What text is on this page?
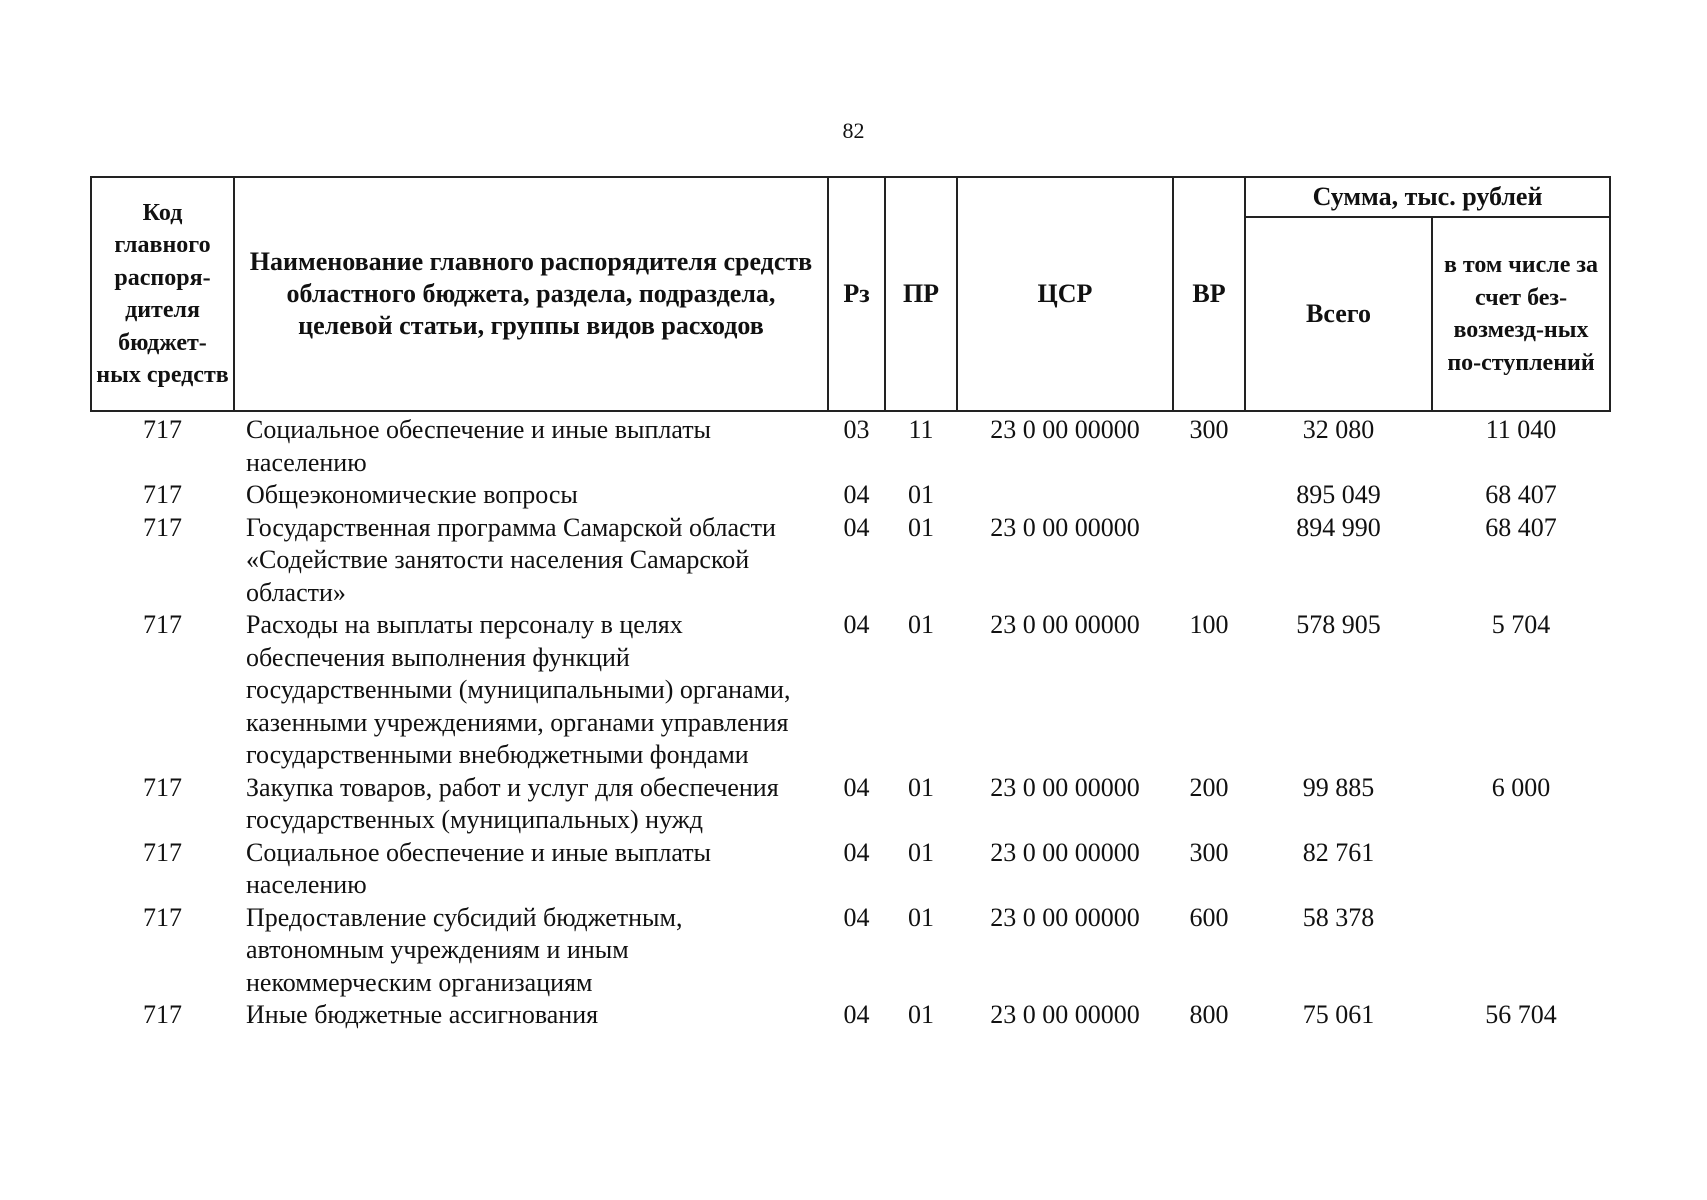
82
Код главного распоря-дителя бюджет-ных средств	Наименование главного распорядителя средств областного бюджета, раздела, подраздела, целевой статьи, группы видов расходов	Рз	ПР	ЦСР	ВР	Сумма, тыс. рублей	
						Всего	в том числе за счет без-возмезд-ных по-ступлений
717	Социальное обеспечение и иные выплаты населению	03	11	23 0 00 00000	300	32 080	11 040
717	Общеэкономические вопросы	04	01			895 049	68 407
717	Государственная программа Самарской области «Содействие занятости населения Самарской области»	04	01	23 0 00 00000		894 990	68 407
717	Расходы на выплаты персоналу в целях обеспечения выполнения функций государственными (муниципальными) органами, казенными учреждениями, органами управления государственными внебюджетными фондами	04	01	23 0 00 00000	100	578 905	5 704
717	Закупка товаров, работ и услуг для обеспечения государственных (муниципальных) нужд	04	01	23 0 00 00000	200	99 885	6 000
717	Социальное обеспечение и иные выплаты населению	04	01	23 0 00 00000	300	82 761	
717	Предоставление субсидий бюджетным, автономным учреждениям и иным некоммерческим организациям	04	01	23 0 00 00000	600	58 378	
717	Иные бюджетные ассигнования	04	01	23 0 00 00000	800	75 061	56 704
